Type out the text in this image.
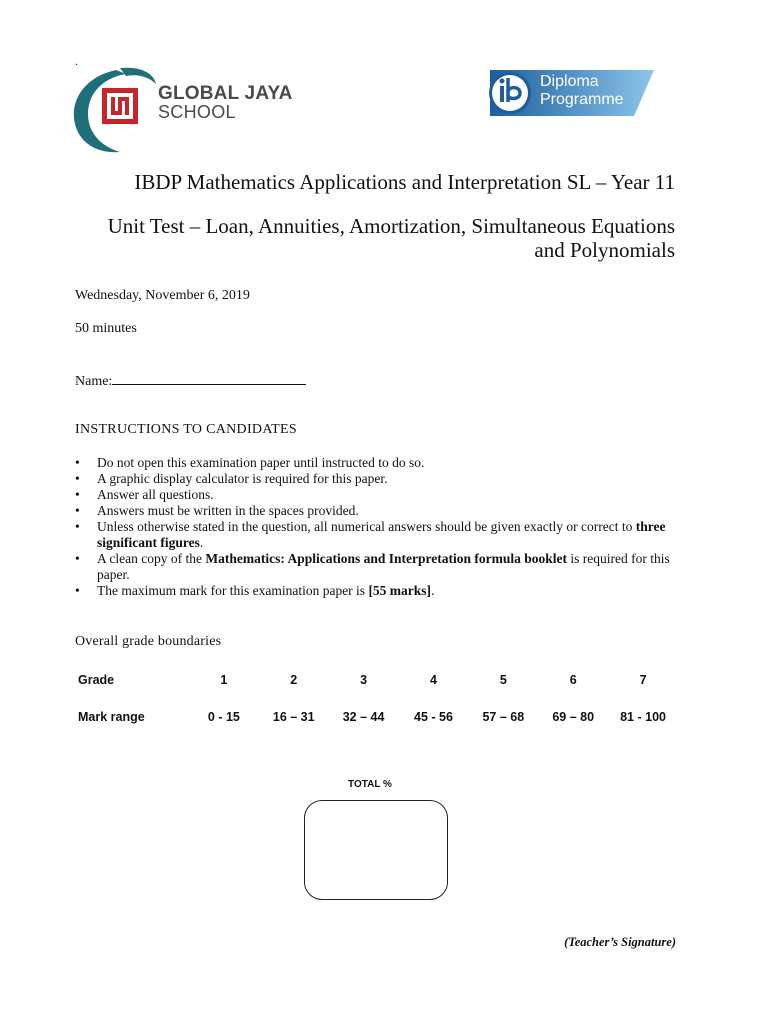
.
GLOBAL JAYA
SCHOOL
Diploma
Programme
IBDP Mathematics Applications and Interpretation SL – Year 11
Unit Test – Loan, Annuities, Amortization, Simultaneous Equations and Polynomials
Wednesday, November 6, 2019
50 minutes
Name:
INSTRUCTIONS TO CANDIDATES
• Do not open this examination paper until instructed to do so.
• A graphic display calculator is required for this paper.
• Answer all questions.
• Answers must be written in the spaces provided.
• Unless otherwise stated in the question, all numerical answers should be given exactly or correct to three significant figures.
• A clean copy of the Mathematics: Applications and Interpretation formula booklet is required for this paper.
• The maximum mark for this examination paper is [55 marks].
Overall grade boundaries
Grade	1	2	3	4	5	6	7
Mark range	0 - 15	16 – 31	32 – 44	45 - 56	57 – 68	69 – 80	81 - 100
TOTAL %
(Teacher’s Signature)
